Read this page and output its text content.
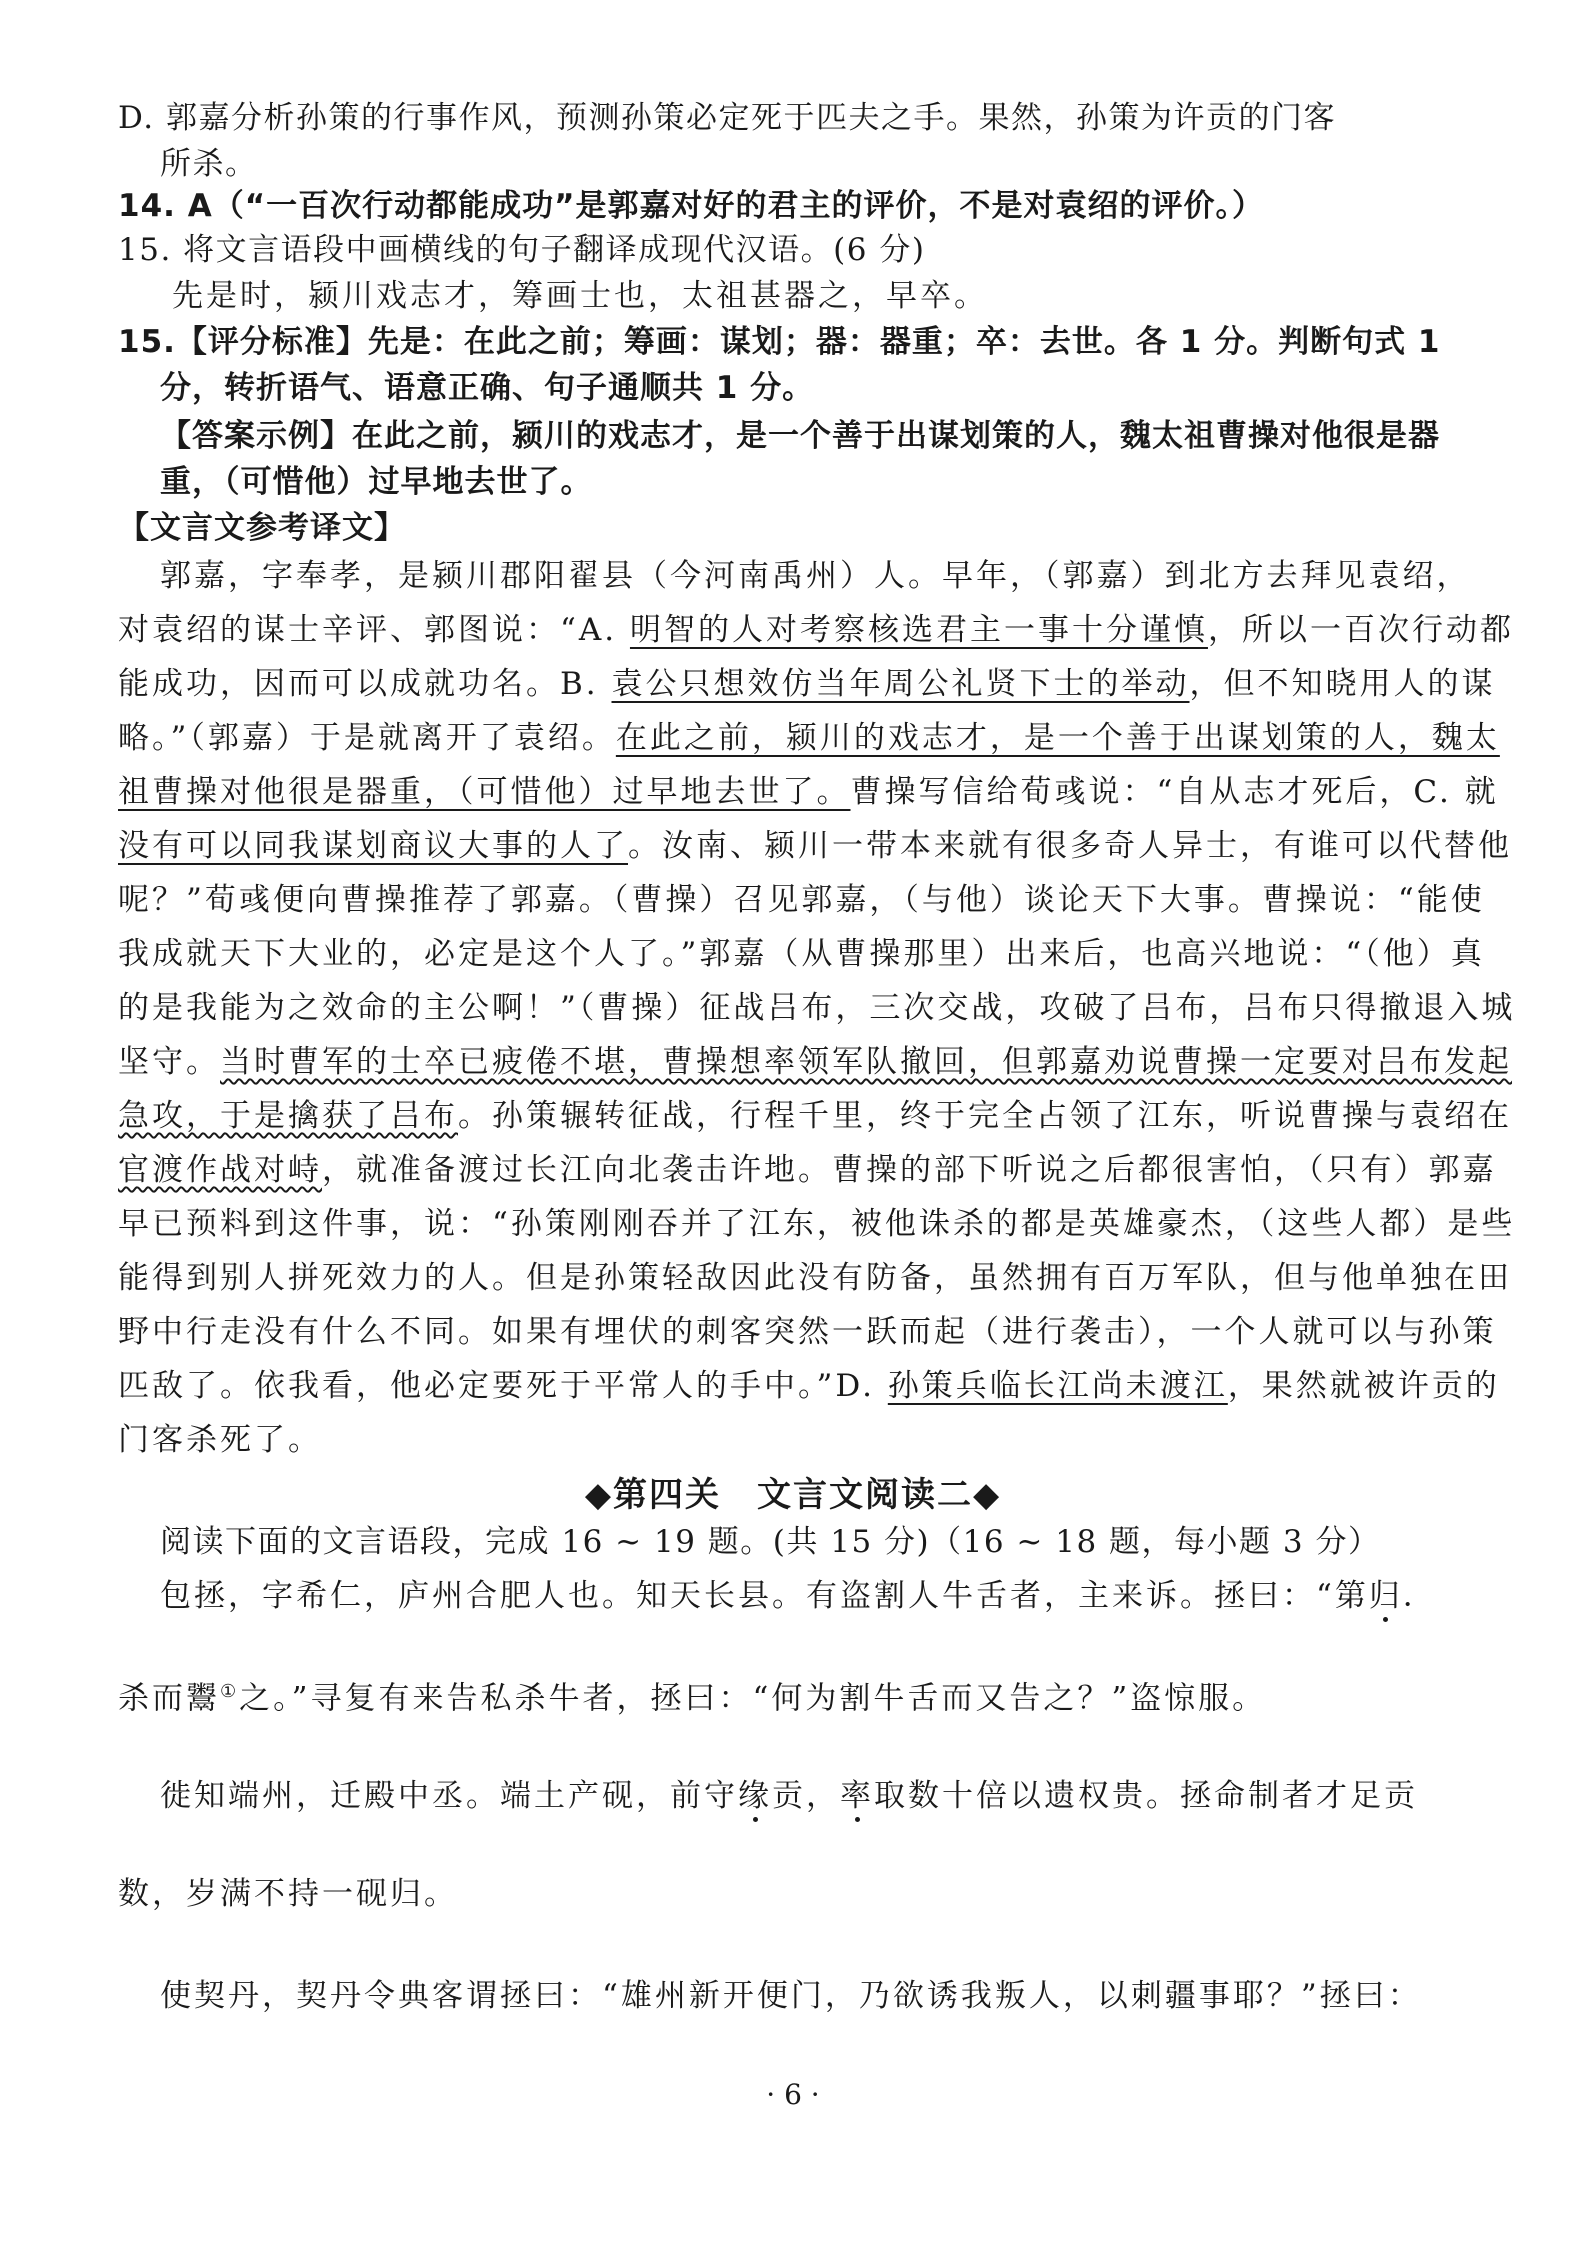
D. 郭嘉分析孙策的行事作风，预测孙策必定死于匹夫之手。果然，孙策为许贡的门客
所杀。
14. A（“一百次行动都能成功”是郭嘉对好的君主的评价，不是对袁绍的评价。）
15. 将文言语段中画横线的句子翻译成现代汉语。(6 分)
先是时，颍川戏志才，筹画士也，太祖甚器之，早卒。
15.【评分标准】先是：在此之前；筹画：谋划；器：器重；卒：去世。各 1 分。判断句式 1
分，转折语气、语意正确、句子通顺共 1 分。
【答案示例】在此之前，颍川的戏志才，是一个善于出谋划策的人，魏太祖曹操对他很是器
重，（可惜他）过早地去世了。
【文言文参考译文】
郭嘉，字奉孝，是颍川郡阳翟县（今河南禹州）人。早年，（郭嘉）到北方去拜见袁绍，
对袁绍的谋士辛评、郭图说：“A. 明智的人对考察核选君主一事十分谨慎，所以一百次行动都
能成功，因而可以成就功名。B. 袁公只想效仿当年周公礼贤下士的举动，但不知晓用人的谋
略。”（郭嘉）于是就离开了袁绍。在此之前，颍川的戏志才，是一个善于出谋划策的人，魏太
祖曹操对他很是器重，（可惜他）过早地去世了。曹操写信给荀彧说：“自从志才死后，C. 就
没有可以同我谋划商议大事的人了。汝南、颍川一带本来就有很多奇人异士，有谁可以代替他
呢？”荀彧便向曹操推荐了郭嘉。（曹操）召见郭嘉，（与他）谈论天下大事。曹操说：“能使
我成就天下大业的，必定是这个人了。”郭嘉（从曹操那里）出来后，也高兴地说：“（他）真
的是我能为之效命的主公啊！”（曹操）征战吕布，三次交战，攻破了吕布，吕布只得撤退入城
坚守。当时曹军的士卒已疲倦不堪，曹操想率领军队撤回，但郭嘉劝说曹操一定要对吕布发起
急攻，于是擒获了吕布。孙策辗转征战，行程千里，终于完全占领了江东，听说曹操与袁绍在
官渡作战对峙，就准备渡过长江向北袭击许地。曹操的部下听说之后都很害怕，（只有）郭嘉
早已预料到这件事，说：“孙策刚刚吞并了江东，被他诛杀的都是英雄豪杰，（这些人都）是些
能得到别人拼死效力的人。但是孙策轻敌因此没有防备，虽然拥有百万军队，但与他单独在田
野中行走没有什么不同。如果有埋伏的刺客突然一跃而起（进行袭击），一个人就可以与孙策
匹敌了。依我看，他必定要死于平常人的手中。”D. 孙策兵临长江尚未渡江，果然就被许贡的
门客杀死了。
◆第四关　文言文阅读二◆
阅读下面的文言语段，完成 16 ~ 19 题。(共 15 分)（16 ~ 18 题，每小题 3 分）
包拯，字希仁，庐州合肥人也。知天长县。有盗割人牛舌者，主来诉。拯曰：“第归．
杀而鬻①之。”寻复有来告私杀牛者，拯曰：“何为割牛舌而又告之？”盗惊服。
徙知端州，迁殿中丞。端土产砚，前守缘贡，率取数十倍以遗权贵。拯命制者才足贡
数，岁满不持一砚归。
使契丹，契丹令典客谓拯曰：“雄州新开便门，乃欲诱我叛人，以刺疆事耶？”拯曰：
· 6 ·
